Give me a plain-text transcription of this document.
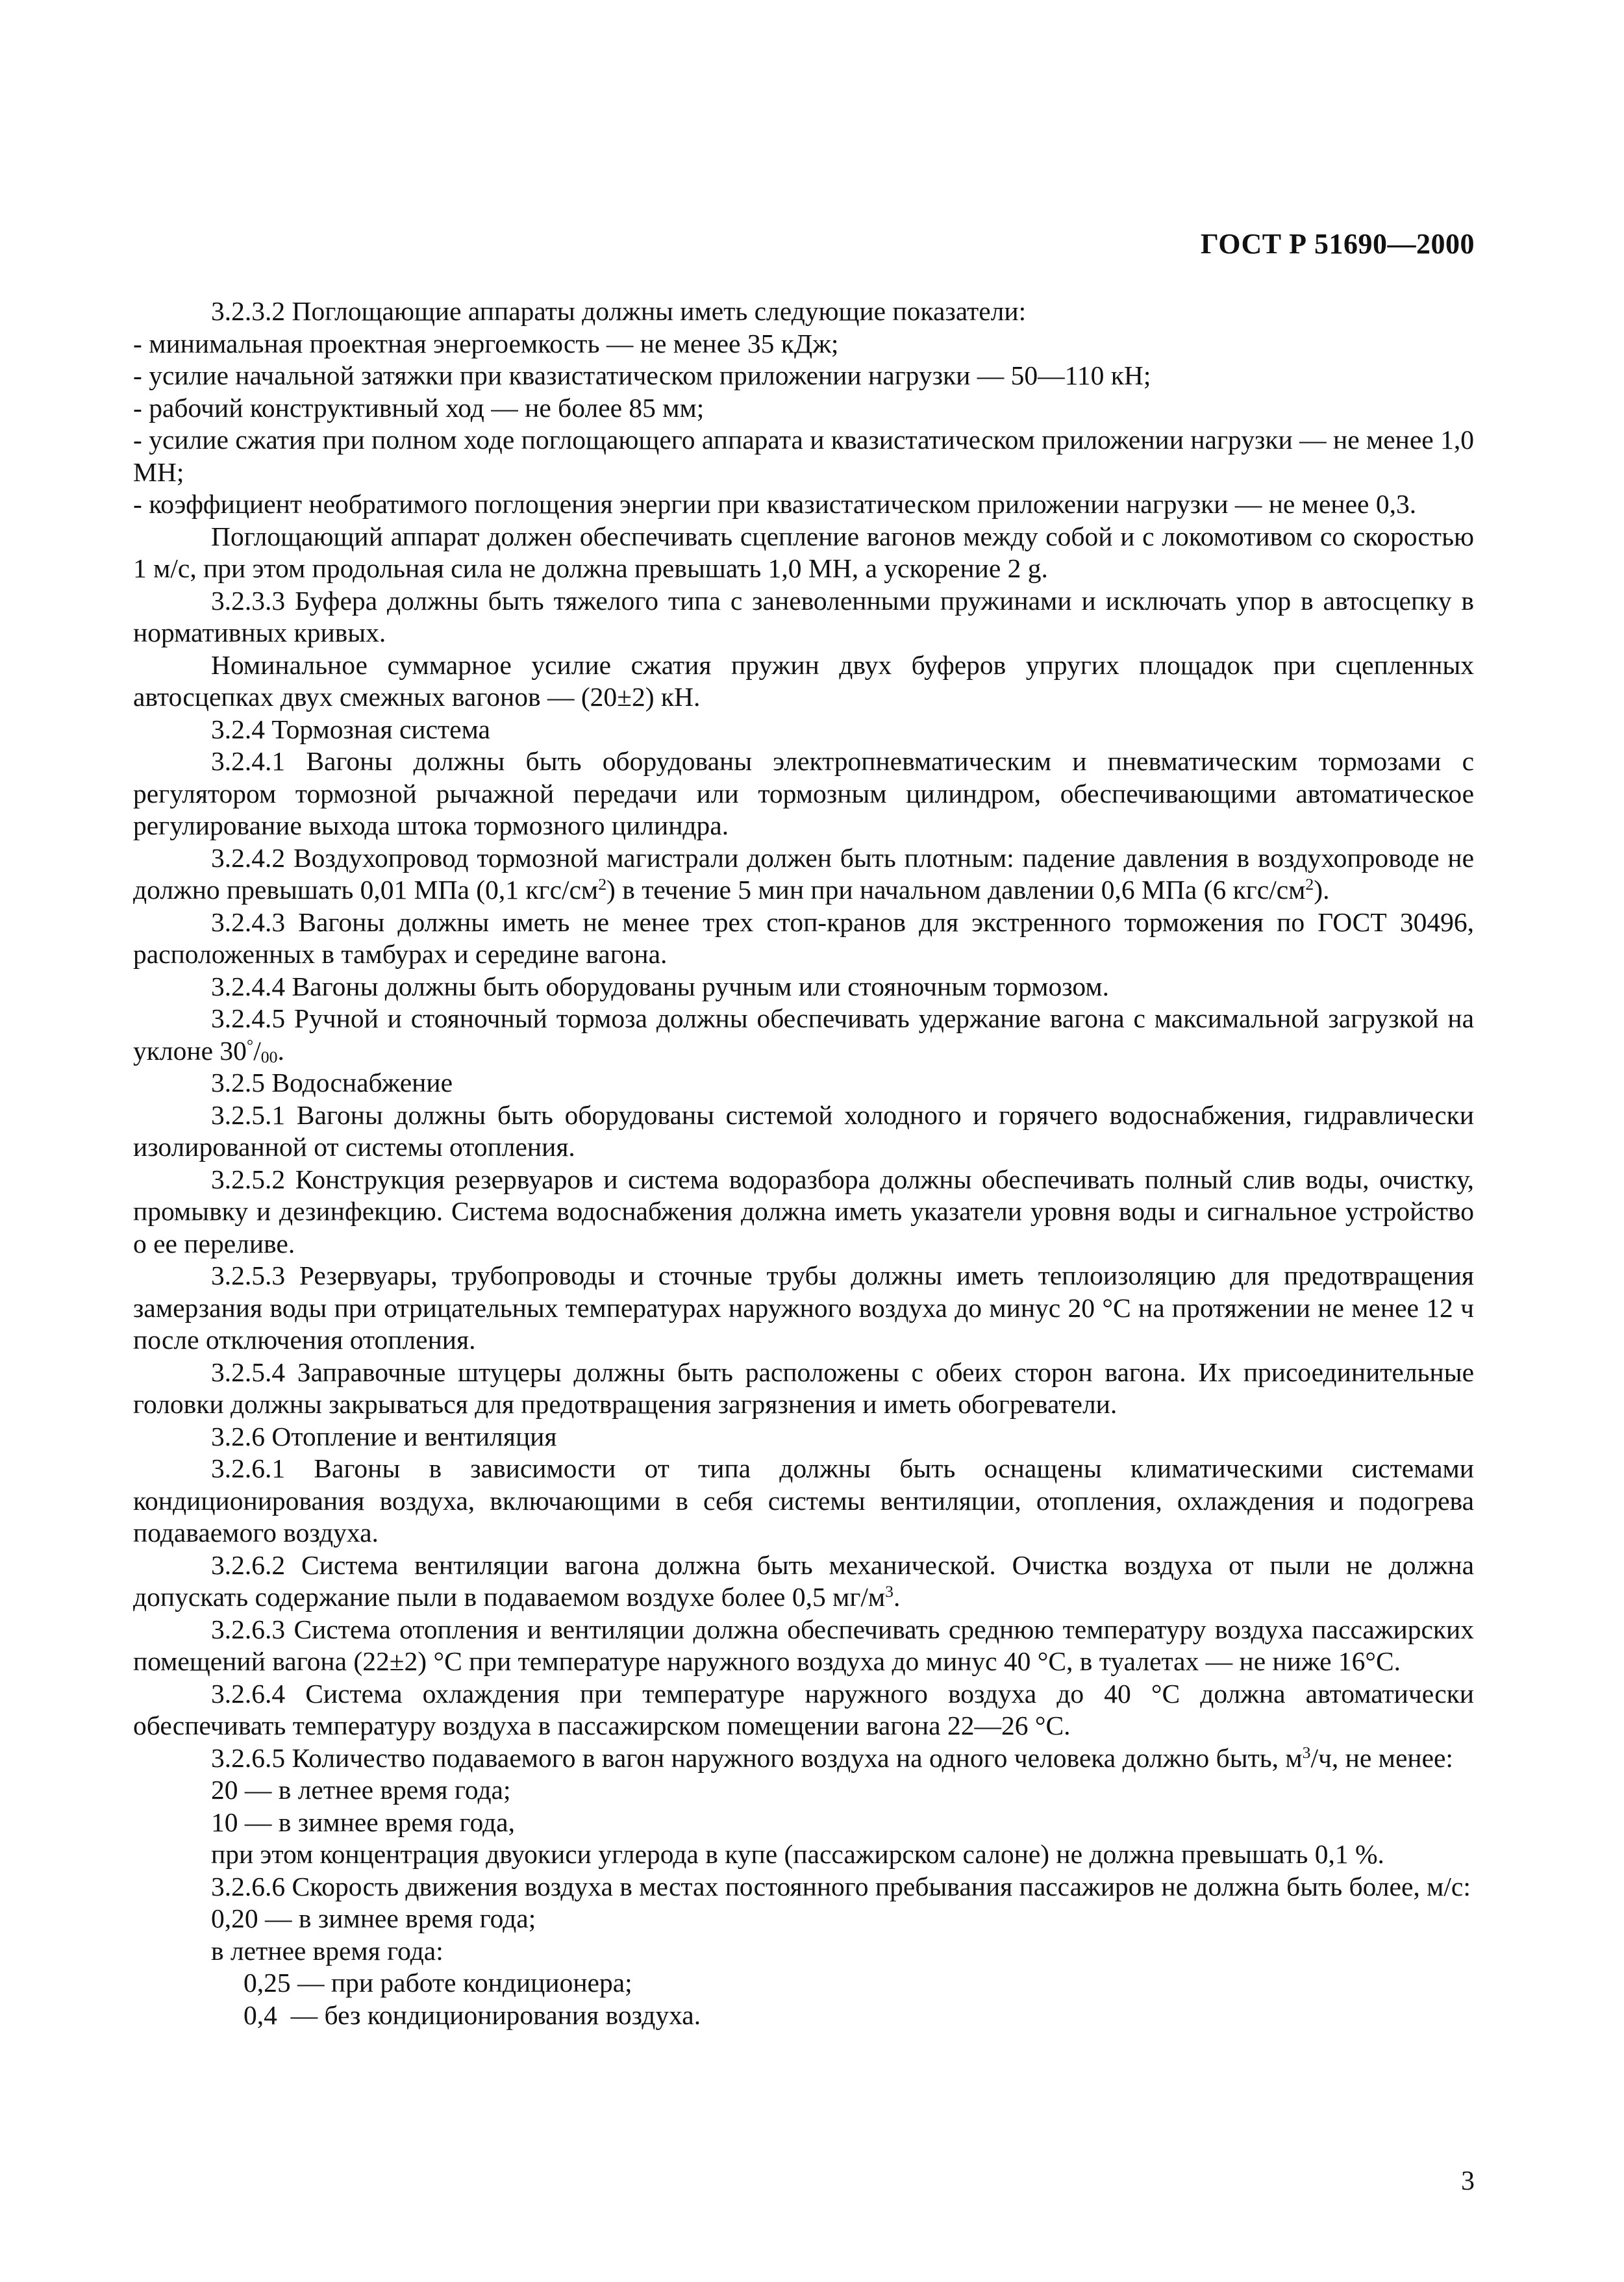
ГОСТ Р 51690—2000

3.2.3.2 Поглощающие аппараты должны иметь следующие показатели:

- минимальная проектная энергоемкость — не менее 35 кДж;

- усилие начальной затяжки при квазистатическом приложении нагрузки — 50—110 кН;

- рабочий конструктивный ход — не более 85 мм;

- усилие сжатия при полном ходе поглощающего аппарата и квазистатическом приложении нагрузки — не менее 1,0 МН;

- коэффициент необратимого поглощения энергии при квазистатическом приложении нагрузки — не менее 0,3.

Поглощающий аппарат должен обеспечивать сцепление вагонов между собой и с локомотивом со скоростью 1 м/с, при этом продольная сила не должна превышать 1,0 МН, а ускорение 2 g.

3.2.3.3 Буфера должны быть тяжелого типа с заневоленными пружинами и исключать упор в автосцепку в нормативных кривых.

Номинальное суммарное усилие сжатия пружин двух буферов упругих площадок при сцепленных автосцепках двух смежных вагонов — (20±2) кН.

3.2.4 Тормозная система

3.2.4.1 Вагоны должны быть оборудованы электропневматическим и пневматическим тормозами с регулятором тормозной рычажной передачи или тормозным цилиндром, обеспечивающими автоматическое регулирование выхода штока тормозного цилиндра.

3.2.4.2 Воздухопровод тормозной магистрали должен быть плотным: падение давления в воздухопроводе не должно превышать 0,01 МПа (0,1 кгс/$см^2$) в течение 5 мин при начальном давлении 0,6 МПа (6 кгс/$см^2$).

3.2.4.3 Вагоны должны иметь не менее трех стоп-кранов для экстренного торможения по ГОСТ 30496, расположенных в тамбурах и середине вагона.

3.2.4.4 Вагоны должны быть оборудованы ручным или стояночным тормозом.

3.2.4.5 Ручной и стояночный тормоза должны обеспечивать удержание вагона с максимальной загрузкой на уклоне $30^\circ/_{00}$.

3.2.5 Водоснабжение

3.2.5.1 Вагоны должны быть оборудованы системой холодного и горячего водоснабжения, гидравлически изолированной от системы отопления.

3.2.5.2 Конструкция резервуаров и система водоразбора должны обеспечивать полный слив воды, очистку, промывку и дезинфекцию. Система водоснабжения должна иметь указатели уровня воды и сигнальное устройство о ее переливе.

3.2.5.3 Резервуары, трубопроводы и сточные трубы должны иметь теплоизоляцию для предотвращения замерзания воды при отрицательных температурах наружного воздуха до минус 20 °С на протяжении не менее 12 ч после отключения отопления.

3.2.5.4 Заправочные штуцеры должны быть расположены с обеих сторон вагона. Их присоединительные головки должны закрываться для предотвращения загрязнения и иметь обогреватели.

3.2.6 Отопление и вентиляция

3.2.6.1 Вагоны в зависимости от типа должны быть оснащены климатическими системами кондиционирования воздуха, включающими в себя системы вентиляции, отопления, охлаждения и подогрева подаваемого воздуха.

3.2.6.2 Система вентиляции вагона должна быть механической. Очистка воздуха от пыли не должна допускать содержание пыли в подаваемом воздухе более 0,5 $мг/м^3$.

3.2.6.3 Система отопления и вентиляции должна обеспечивать среднюю температуру воздуха пассажирских помещений вагона (22±2) °С при температуре наружного воздуха до минус 40 °С, в туалетах — не ниже 16°С.

3.2.6.4 Система охлаждения при температуре наружного воздуха до 40 °С должна автоматически обеспечивать температуру воздуха в пассажирском помещении вагона 22—26 °С.

3.2.6.5 Количество подаваемого в вагон наружного воздуха на одного человека должно быть, $м^3/ч$, не менее:

20 — в летнее время года;

10 — в зимнее время года,

при этом концентрация двуокиси углерода в купе (пассажирском салоне) не должна превышать 0,1 %.

3.2.6.6 Скорость движения воздуха в местах постоянного пребывания пассажиров не должна быть более, м/с:

0,20 — в зимнее время года;

в летнее время года:

0,25 — при работе кондиционера;

0,4  — без кондиционирования воздуха.

3
